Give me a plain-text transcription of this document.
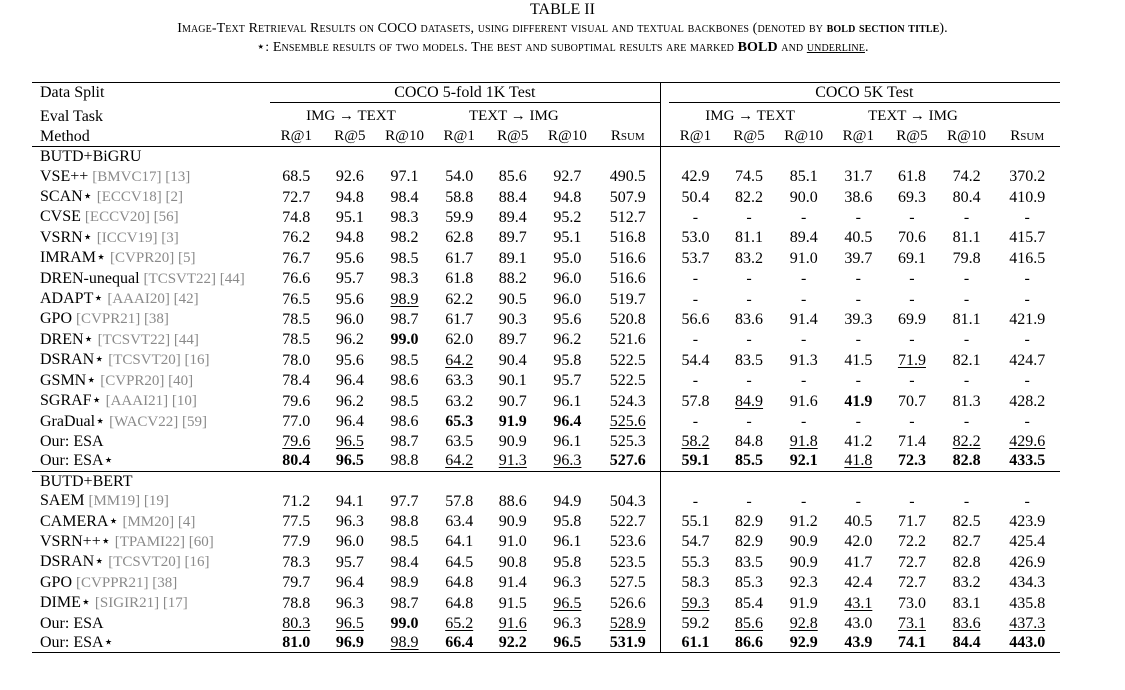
TABLE II
Image-Text Retrieval Results on COCO datasets, using different visual and textual backbones (denoted by bold section title).
⋆: Ensemble results of two models. The best and suboptimal results are marked BOLD and underline.
Data Split	COCO 5-fold 1K Test								COCO 5K Test						
Eval Task	IMG → TEXT			TEXT → IMG					IMG → TEXT			TEXT → IMG			
Method	R@1	R@5	R@10	R@1	R@5	R@10	Rsum		R@1	R@5	R@10	R@1	R@5	R@10	Rsum
BUTD+BiGRU															
VSE++ [BMVC17] [13]	68.5	92.6	97.1	54.0	85.6	92.7	490.5		42.9	74.5	85.1	31.7	61.8	74.2	370.2
SCAN⋆ [ECCV18] [2]	72.7	94.8	98.4	58.8	88.4	94.8	507.9		50.4	82.2	90.0	38.6	69.3	80.4	410.9
CVSE [ECCV20] [56]	74.8	95.1	98.3	59.9	89.4	95.2	512.7		-	-	-	-	-	-	-
VSRN⋆ [ICCV19] [3]	76.2	94.8	98.2	62.8	89.7	95.1	516.8		53.0	81.1	89.4	40.5	70.6	81.1	415.7
IMRAM⋆ [CVPR20] [5]	76.7	95.6	98.5	61.7	89.1	95.0	516.6		53.7	83.2	91.0	39.7	69.1	79.8	416.5
DREN-unequal [TCSVT22] [44]	76.6	95.7	98.3	61.8	88.2	96.0	516.6		-	-	-	-	-	-	-
ADAPT⋆ [AAAI20] [42]	76.5	95.6	98.9	62.2	90.5	96.0	519.7		-	-	-	-	-	-	-
GPO [CVPR21] [38]	78.5	96.0	98.7	61.7	90.3	95.6	520.8		56.6	83.6	91.4	39.3	69.9	81.1	421.9
DREN⋆ [TCSVT22] [44]	78.5	96.2	99.0	62.0	89.7	96.2	521.6		-	-	-	-	-	-	-
DSRAN⋆ [TCSVT20] [16]	78.0	95.6	98.5	64.2	90.4	95.8	522.5		54.4	83.5	91.3	41.5	71.9	82.1	424.7
GSMN⋆ [CVPR20] [40]	78.4	96.4	98.6	63.3	90.1	95.7	522.5		-	-	-	-	-	-	-
SGRAF⋆ [AAAI21] [10]	79.6	96.2	98.5	63.2	90.7	96.1	524.3		57.8	84.9	91.6	41.9	70.7	81.3	428.2
GraDual⋆ [WACV22] [59]	77.0	96.4	98.6	65.3	91.9	96.4	525.6		-	-	-	-	-	-	-
Our: ESA	79.6	96.5	98.7	63.5	90.9	96.1	525.3		58.2	84.8	91.8	41.2	71.4	82.2	429.6
Our: ESA⋆	80.4	96.5	98.8	64.2	91.3	96.3	527.6		59.1	85.5	92.1	41.8	72.3	82.8	433.5
BUTD+BERT															
SAEM [MM19] [19]	71.2	94.1	97.7	57.8	88.6	94.9	504.3		-	-	-	-	-	-	-
CAMERA⋆ [MM20] [4]	77.5	96.3	98.8	63.4	90.9	95.8	522.7		55.1	82.9	91.2	40.5	71.7	82.5	423.9
VSRN++⋆ [TPAMI22] [60]	77.9	96.0	98.5	64.1	91.0	96.1	523.6		54.7	82.9	90.9	42.0	72.2	82.7	425.4
DSRAN⋆ [TCSVT20] [16]	78.3	95.7	98.4	64.5	90.8	95.8	523.5		55.3	83.5	90.9	41.7	72.7	82.8	426.9
GPO [CVPPR21] [38]	79.7	96.4	98.9	64.8	91.4	96.3	527.5		58.3	85.3	92.3	42.4	72.7	83.2	434.3
DIME⋆ [SIGIR21] [17]	78.8	96.3	98.7	64.8	91.5	96.5	526.6		59.3	85.4	91.9	43.1	73.0	83.1	435.8
Our: ESA	80.3	96.5	99.0	65.2	91.6	96.3	528.9		59.2	85.6	92.8	43.0	73.1	83.6	437.3
Our: ESA⋆	81.0	96.9	98.9	66.4	92.2	96.5	531.9		61.1	86.6	92.9	43.9	74.1	84.4	443.0
